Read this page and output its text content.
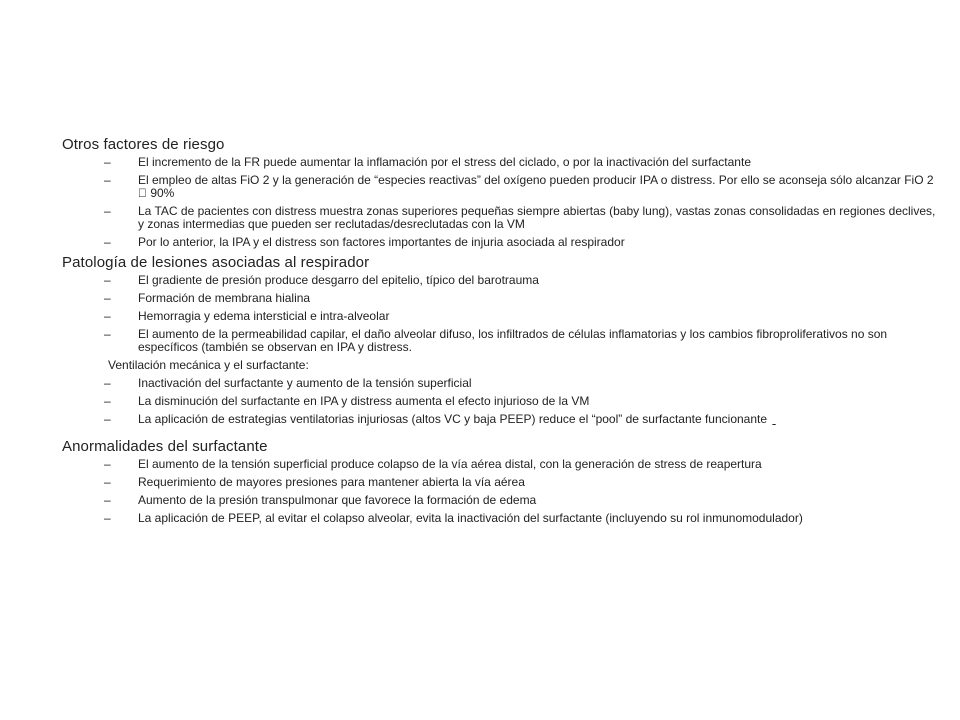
Otros factores de riesgo
– El incremento de la FR puede aumentar la inflamación por el stress del ciclado, o por la inactivación del surfactante
– El empleo de altas FiO 2 y la generación de “especies reactivas” del oxígeno pueden producir IPA o distress. Por ello se aconseja sólo alcanzar FiO 2   90%
– La TAC de pacientes con distress muestra zonas superiores pequeñas siempre abiertas (baby lung), vastas zonas consolidadas en regiones declives, y zonas intermedias que pueden ser reclutadas/desreclutadas con la VM
– Por lo anterior, la IPA y el distress son factores importantes de injuria asociada al respirador
Patología de lesiones asociadas al respirador
– El gradiente de presión produce desgarro del epitelio, típico del barotrauma
– Formación de membrana hialina
– Hemorragia y edema intersticial e intra-alveolar
– El aumento de la permeabilidad capilar, el daño alveolar difuso, los infiltrados de células inflamatorias y los cambios fibroproliferativos no son específicos (también se observan en IPA y distress.
Ventilación mecánica y el surfactante:
– Inactivación del surfactante y aumento de la tensión superficial
– La disminución del surfactante en IPA y distress aumenta el efecto injurioso de la VM
– La aplicación de estrategias ventilatorias injuriosas (altos VC y baja PEEP) reduce el “pool” de surfactante funcionante
Anormalidades del surfactante
– El aumento de la tensión superficial produce colapso de la vía aérea distal, con la generación de stress de reapertura
– Requerimiento de mayores presiones para mantener abierta la vía aérea
– Aumento de la presión transpulmonar que favorece la formación de edema
– La aplicación de PEEP, al evitar el colapso alveolar, evita la inactivación del surfactante (incluyendo su rol inmunomodulador)
